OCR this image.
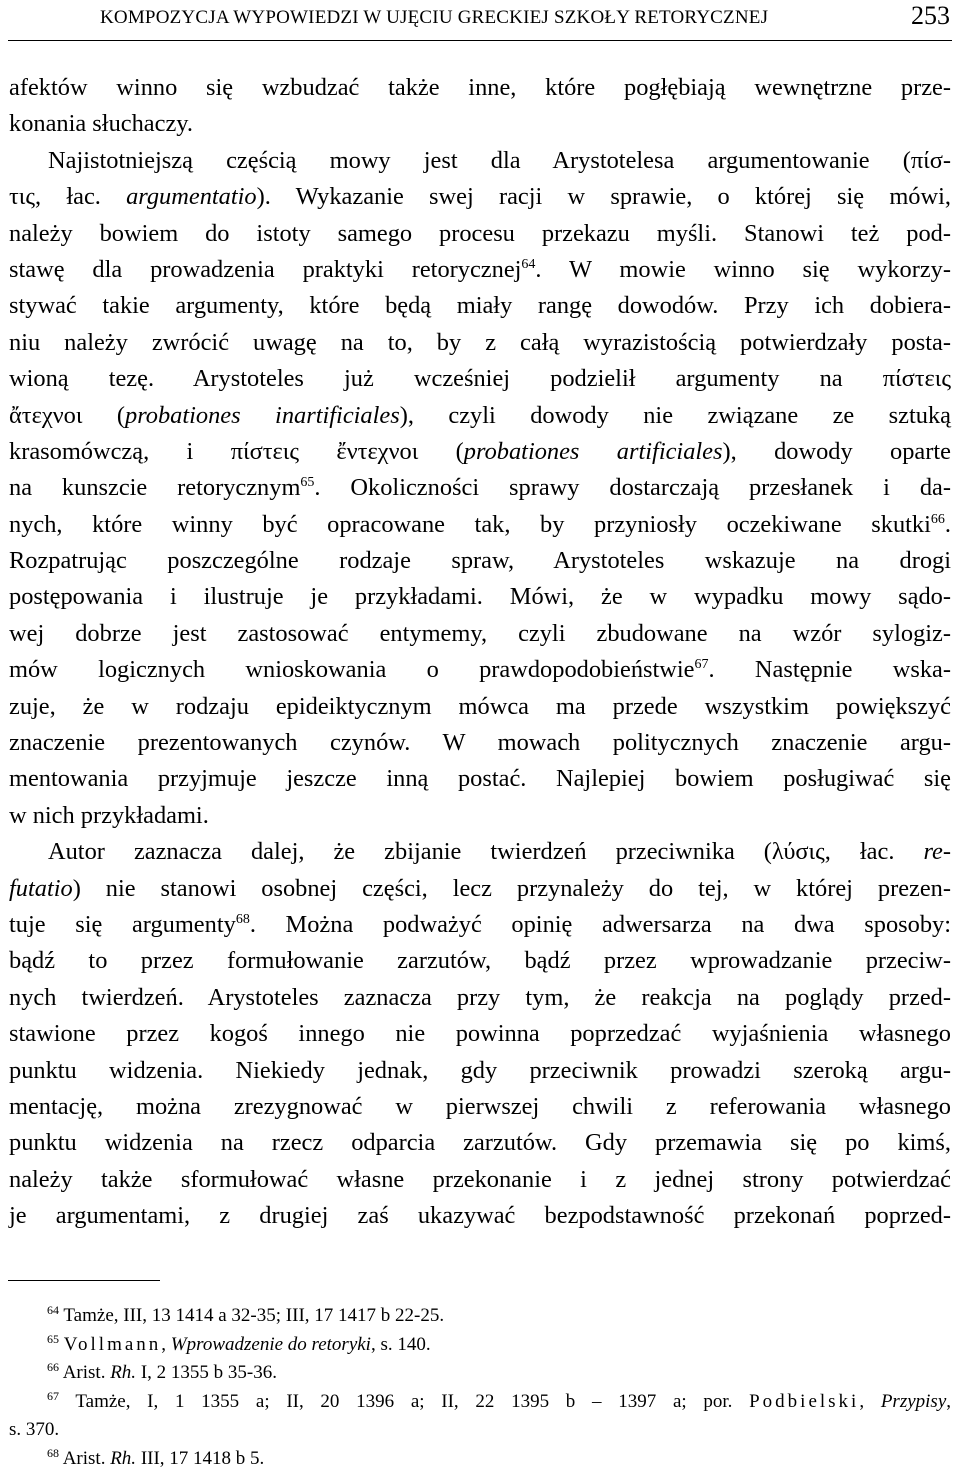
KOMPOZYCJA WYPOWIEDZI W UJĘCIU GRECKIEJ SZKOŁY RETORYCZNEJ	253
afektów winno się wzbudzać także inne, które pogłębiają wewnętrzne prze-
konania słuchaczy.
Najistotniejszą częścią mowy jest dla Arystotelesa argumentowanie (πίσ-
τις, łac. argumentatio). Wykazanie swej racji w sprawie, o której się mówi,
należy bowiem do istoty samego procesu przekazu myśli. Stanowi też pod-
stawę dla prowadzenia praktyki retorycznej$^{64}$. W mowie winno się wykorzy-
stywać takie argumenty, które będą miały rangę dowodów. Przy ich dobiera-
niu należy zwrócić uwagę na to, by z całą wyrazistością potwierdzały posta-
wioną tezę. Arystoteles już wcześniej podzielił argumenty na πίστεις
ἄτεχνοι (probationes inartificiales), czyli dowody nie związane ze sztuką
krasomówczą, i πίστεις ἔντεχνοι (probationes artificiales), dowody oparte
na kunszcie retorycznym$^{65}$. Okoliczności sprawy dostarczają przesłanek i da-
nych, które winny być opracowane tak, by przyniosły oczekiwane skutki$^{66}$.
Rozpatrując poszczególne rodzaje spraw, Arystoteles wskazuje na drogi
postępowania i ilustruje je przykładami. Mówi, że w wypadku mowy sądo-
wej dobrze jest zastosować entymemy, czyli zbudowane na wzór sylogiz-
mów logicznych wnioskowania o prawdopodobieństwie$^{67}$. Następnie wska-
zuje, że w rodzaju epideiktycznym mówca ma przede wszystkim powiększyć
znaczenie prezentowanych czynów. W mowach politycznych znaczenie argu-
mentowania przyjmuje jeszcze inną postać. Najlepiej bowiem posługiwać się
w nich przykładami.
Autor zaznacza dalej, że zbijanie twierdzeń przeciwnika (λύσις, łac. re-
futatio) nie stanowi osobnej części, lecz przynależy do tej, w której prezen-
tuje się argumenty$^{68}$. Można podważyć opinię adwersarza na dwa sposoby:
bądź to przez formułowanie zarzutów, bądź przez wprowadzanie przeciw-
nych twierdzeń. Arystoteles zaznacza przy tym, że reakcja na poglądy przed-
stawione przez kogoś innego nie powinna poprzedzać wyjaśnienia własnego
punktu widzenia. Niekiedy jednak, gdy przeciwnik prowadzi szeroką argu-
mentację, można zrezygnować w pierwszej chwili z referowania własnego
punktu widzenia na rzecz odparcia zarzutów. Gdy przemawia się po kimś,
należy także sformułować własne przekonanie i z jednej strony potwierdzać
je argumentami, z drugiej zaś ukazywać bezpodstawność przekonań poprzed-
$^{64}$ Tamże, III, 13 1414 a 32-35; III, 17 1417 b 22-25.
$^{65}$ Vollmann, Wprowadzenie do retoryki, s. 140.
$^{66}$ Arist. Rh. I, 2 1355 b 35-36.
$^{67}$ Tamże, I, 1 1355 a; II, 20 1396 a; II, 22 1395 b – 1397 a; por. Podbielski, Przypisy,
s. 370.
$^{68}$ Arist. Rh. III, 17 1418 b 5.
